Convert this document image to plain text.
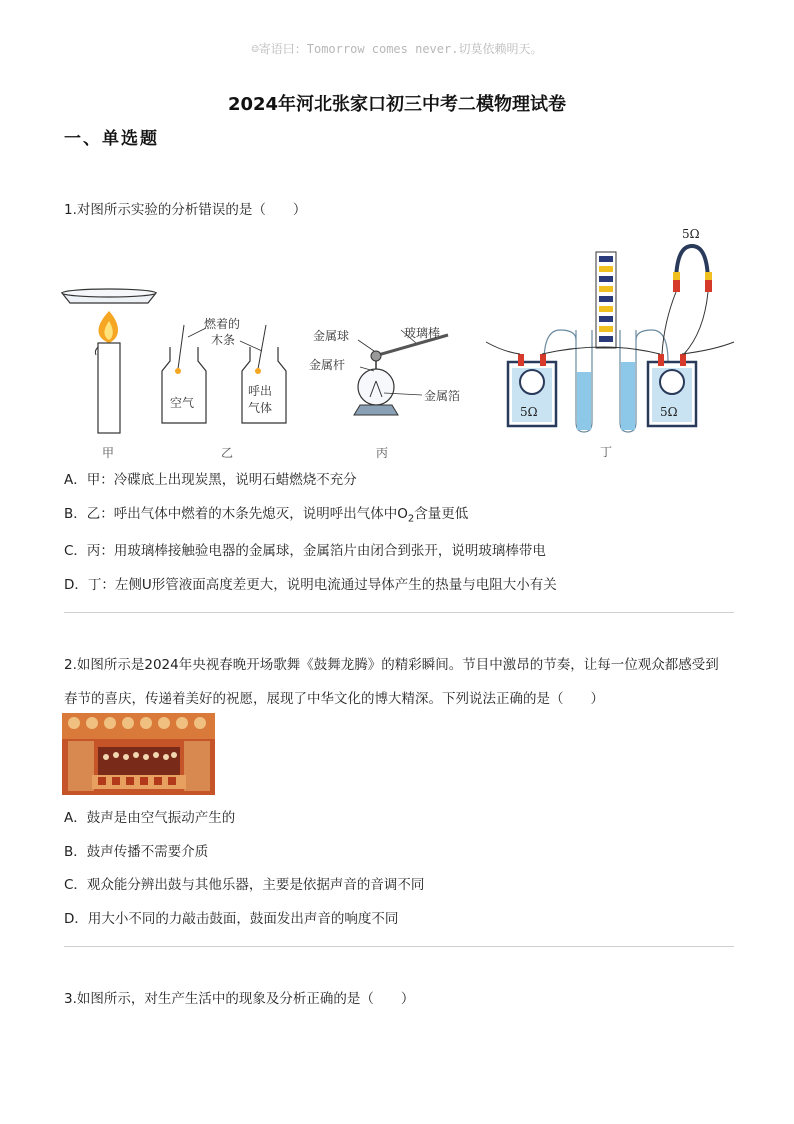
☺寄语曰：Tomorrow comes never.切莫依赖明天。
2024年河北张家口初三中考二模物理试卷
一、单选题
1.对图所示实验的分析错误的是（　　）
甲
燃着的
木条
空气
呼出
气体
乙
金属球	玻璃棒
金属杆
金属箔
丙
5Ω	5Ω
5Ω
丁
A．甲：冷碟底上出现炭黑，说明石蜡燃烧不充分
B．乙：呼出气体中燃着的木条先熄灭，说明呼出气体中$O_2$含量更低
C．丙：用玻璃棒接触验电器的金属球，金属箔片由闭合到张开，说明玻璃棒带电
D．丁：左侧U形管液面高度差更大，说明电流通过导体产生的热量与电阻大小有关
2.如图所示是2024年央视春晚开场歌舞《鼓舞龙腾》的精彩瞬间。节目中激昂的节奏，让每一位观众都感受到
春节的喜庆，传递着美好的祝愿，展现了中华文化的博大精深。下列说法正确的是（　　）
A．鼓声是由空气振动产生的
B．鼓声传播不需要介质
C．观众能分辨出鼓与其他乐器，主要是依据声音的音调不同
D．用大小不同的力敲击鼓面，鼓面发出声音的响度不同
3.如图所示，对生产生活中的现象及分析正确的是（　　）
